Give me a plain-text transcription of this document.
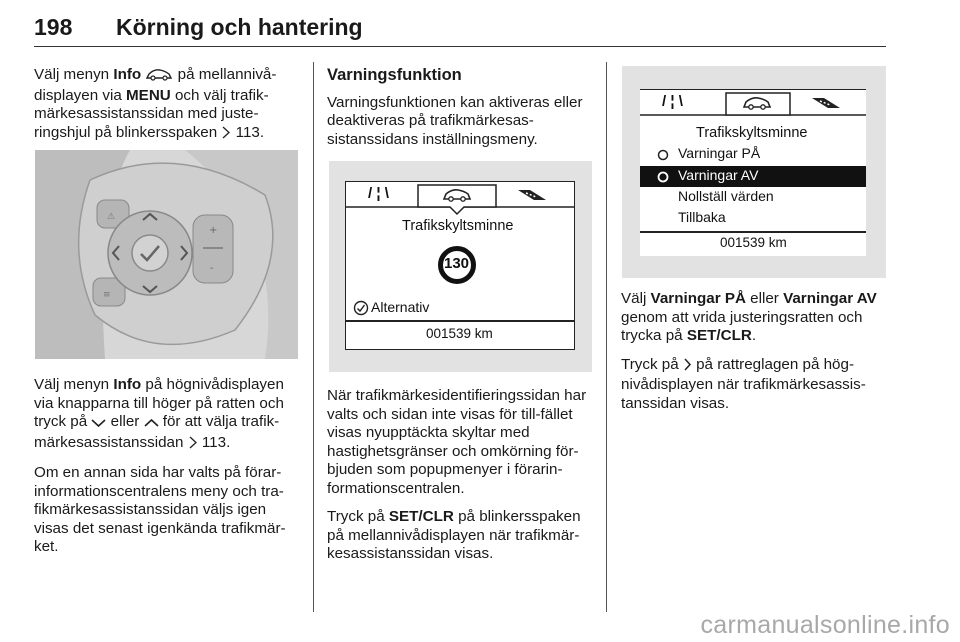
198 Körning och hantering

Välj menyn Info  på mellannivå-displayen via MENU och välj trafik-märkesassistanssidan med juste-ringshjul på blinkersspaken  113.

⚠
≡
+
-

Välj menyn Info på högnivådisplayen via knapparna till höger på ratten och tryck på  eller  för att välja trafik-märkesassistanssidan  113.

Om en annan sida har valts på förar-informationscentralens meny och tra-fikmärkesassistanssidan väljs igen visas det senast igenkända trafikmär-ket.

Varningsfunktion

Varningsfunktionen kan aktiveras eller deaktiveras på trafikmärkesas-sistanssidans inställningsmeny.

/ ¦ \
Trafikskyltsminne
130
Alternativ
001539 km

När trafikmärkesidentifieringssidan har valts och sidan inte visas för till-fället visas nyupptäckta skyltar med hastighetsgränser och omkörning för-bjuden som popupmenyer i förarin-formationscentralen.

Tryck på SET/CLR på blinkersspaken på mellannivådisplayen när trafikmär-kesassistanssidan visas.

/ ¦ \
Trafikskyltsminne
Varningar PÅ
Varningar AV
Nollställ värden
Tillbaka
001539 km

Välj Varningar PÅ eller Varningar AV genom att vrida justeringsratten och trycka på SET/CLR.

Tryck på  på rattreglagen på hög-nivådisplayen när trafikmärkesassis-tanssidan visas.

carmanualsonline.info
